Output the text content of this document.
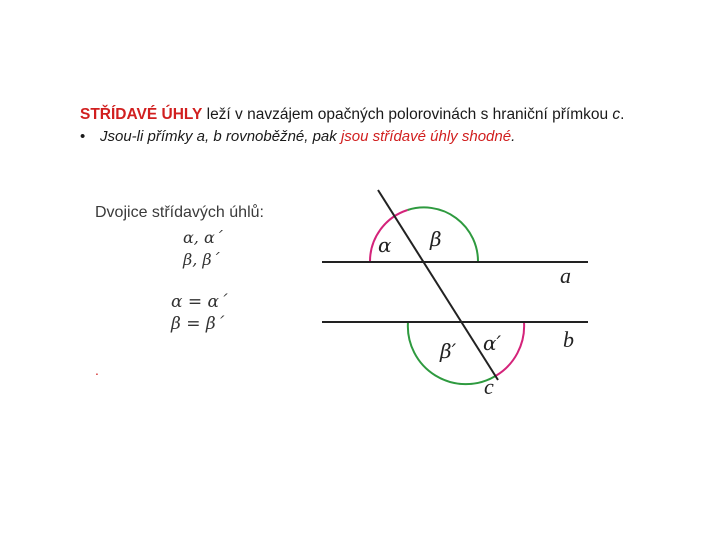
STŘÍDAVÉ ÚHLY leží v navzájem opačných polorovinách s hraniční přímkou c.
• Jsou-li přímky a, b rovnoběžné, pak jsou střídavé úhly shodné.
Dvojice střídavých úhlů:
α, α´
β, β´
α = α´
β = β´
.
α β
β′ α′
a
b
c
